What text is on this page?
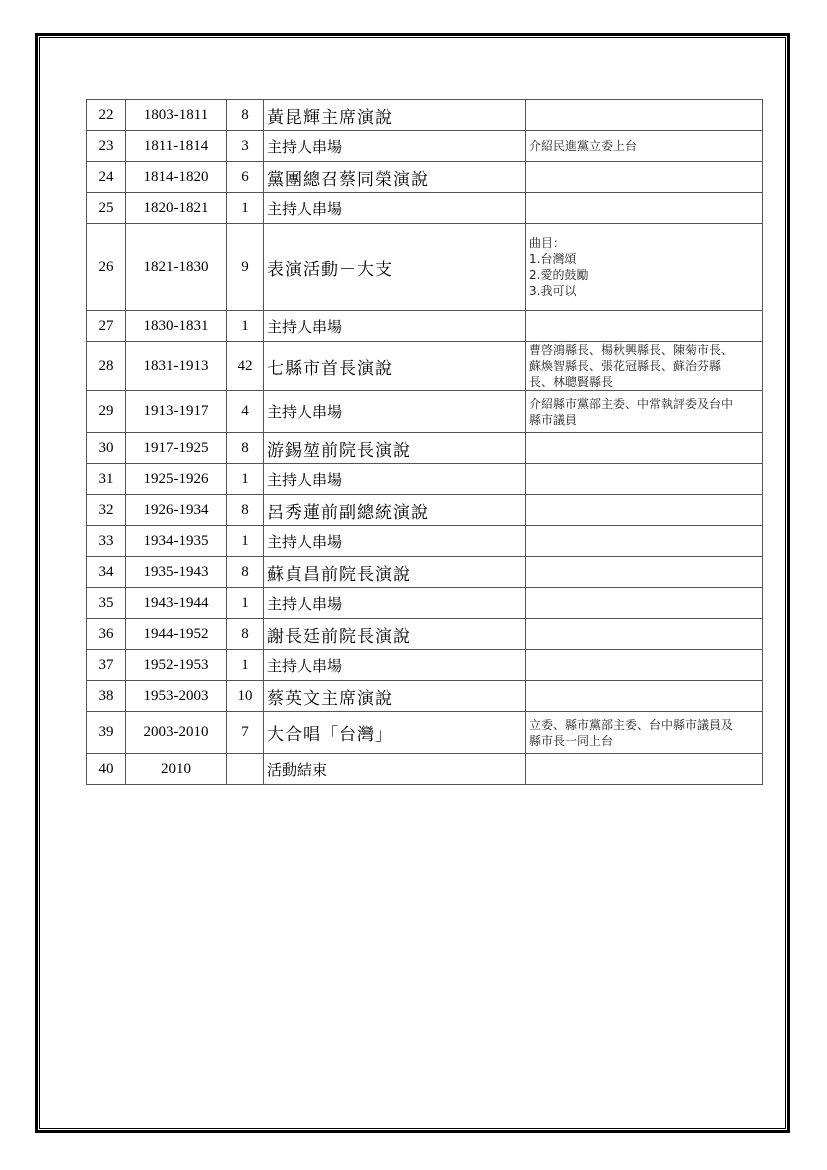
22	1803-1811	8	黃昆輝主席演說	
23	1811-1814	3	主持人串場	介紹民進黨立委上台

24	1814-1820	6	黨團總召蔡同榮演說	
25	1820-1821	1	主持人串場	
26	1821-1830	9	表演活動－大支	曲目：
1.台灣頌
2.愛的鼓勵
3.我可以

27	1830-1831	1	主持人串場	
28	1831-1913	42	七縣市首長演說	曹啓鴻縣長、楊秋興縣長、陳菊市長、
蘇煥智縣長、張花冠縣長、蘇治芬縣
長、林聰賢縣長

29	1913-1917	4	主持人串場	介紹縣市黨部主委、中常執評委及台中
縣市議員

30	1917-1925	8	游錫堃前院長演說	
31	1925-1926	1	主持人串場	
32	1926-1934	8	呂秀蓮前副總統演說	
33	1934-1935	1	主持人串場	
34	1935-1943	8	蘇貞昌前院長演說	
35	1943-1944	1	主持人串場	
36	1944-1952	8	謝長廷前院長演說	
37	1952-1953	1	主持人串場	
38	1953-2003	10	蔡英文主席演說	
39	2003-2010	7	大合唱「台灣」	立委、縣市黨部主委、台中縣市議員及
縣市長一同上台

40	2010		活動結束	
